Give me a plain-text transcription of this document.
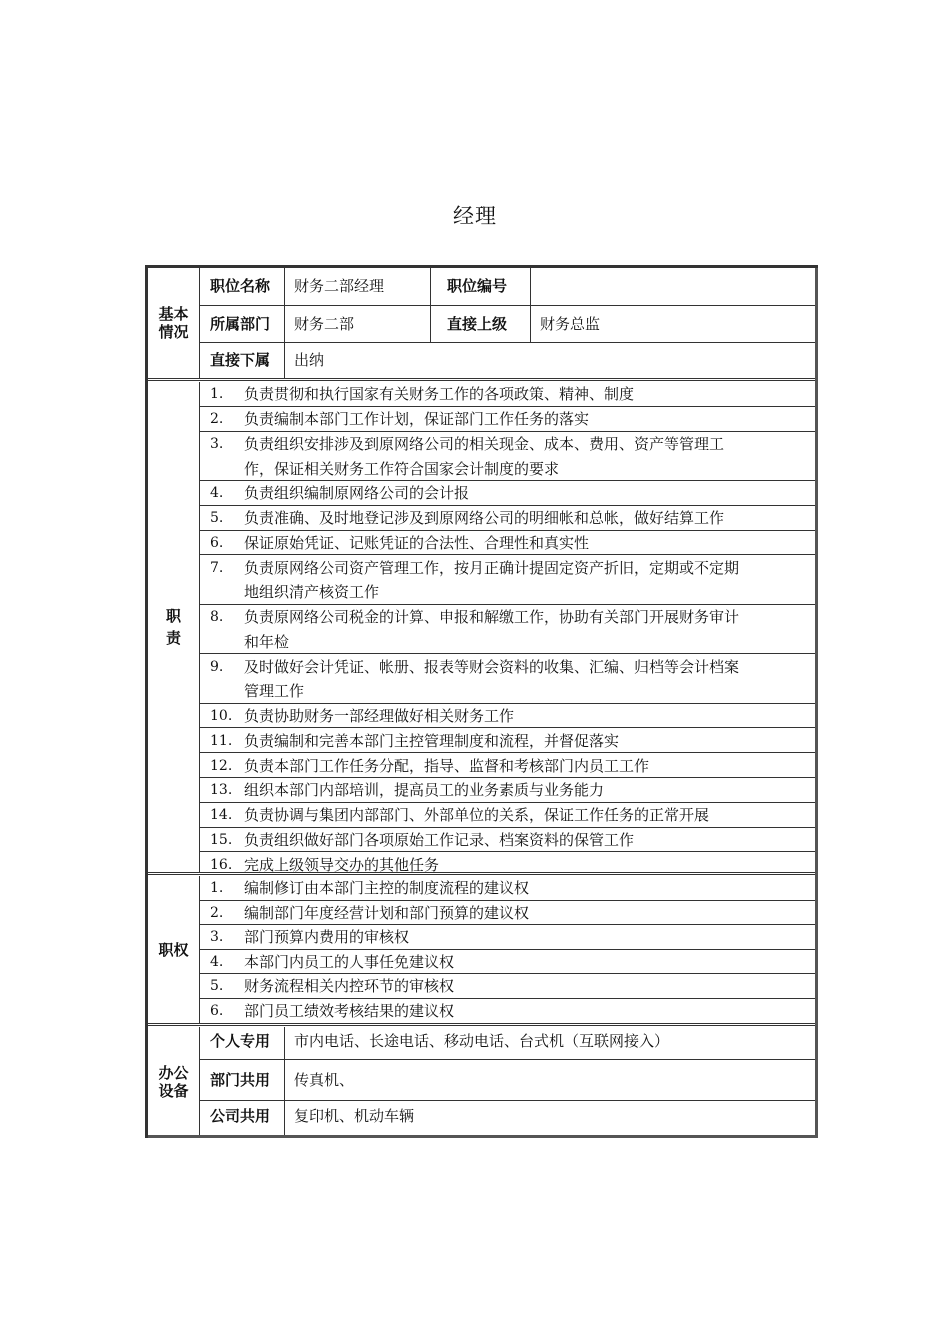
经理
基本
情况
职位名称 财务二部经理	职位编号
所属部门 财务二部	直接上级 财务总监
直接下属 出纳
职
责
1. 负责贯彻和执行国家有关财务工作的各项政策、精神、制度
2. 负责编制本部门工作计划，保证部门工作任务的落实
3. 负责组织安排涉及到原网络公司的相关现金、成本、费用、资产等管理工
作，保证相关财务工作符合国家会计制度的要求
4. 负责组织编制原网络公司的会计报
5. 负责准确、及时地登记涉及到原网络公司的明细帐和总帐，做好结算工作
6. 保证原始凭证、记账凭证的合法性、合理性和真实性
7. 负责原网络公司资产管理工作，按月正确计提固定资产折旧，定期或不定期
地组织清产核资工作
8. 负责原网络公司税金的计算、申报和解缴工作，协助有关部门开展财务审计
和年检
9. 及时做好会计凭证、帐册、报表等财会资料的收集、汇编、归档等会计档案
管理工作
10. 负责协助财务一部经理做好相关财务工作
11. 负责编制和完善本部门主控管理制度和流程，并督促落实
12. 负责本部门工作任务分配，指导、监督和考核部门内员工工作
13. 组织本部门内部培训，提高员工的业务素质与业务能力
14. 负责协调与集团内部部门、外部单位的关系，保证工作任务的正常开展
15. 负责组织做好部门各项原始工作记录、档案资料的保管工作
16. 完成上级领导交办的其他任务
职权
1. 编制修订由本部门主控的制度流程的建议权
2. 编制部门年度经营计划和部门预算的建议权
3. 部门预算内费用的审核权
4. 本部门内员工的人事任免建议权
5. 财务流程相关内控环节的审核权
6. 部门员工绩效考核结果的建议权
办公
设备
个人专用 市内电话、长途电话、移动电话、台式机（互联网接入）
部门共用 传真机、
公司共用 复印机、机动车辆
